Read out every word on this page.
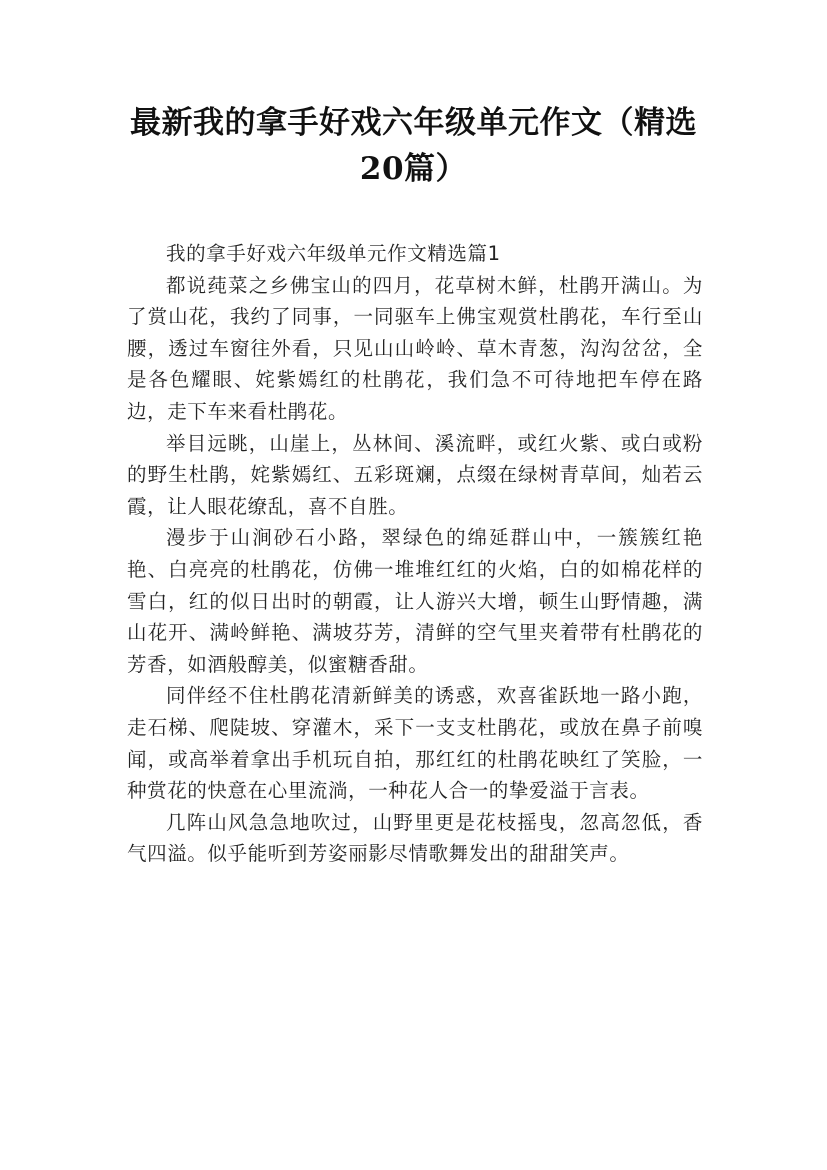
最新我的拿手好戏六年级单元作文（精选20篇）

我的拿手好戏六年级单元作文精选篇1

都说莼菜之乡佛宝山的四月，花草树木鲜，杜鹃开满山。为了赏山花，我约了同事，一同驱车上佛宝观赏杜鹃花，车行至山腰，透过车窗往外看，只见山山岭岭、草木青葱，沟沟岔岔，全是各色耀眼、姹紫嫣红的杜鹃花，我们急不可待地把车停在路边，走下车来看杜鹃花。

举目远眺，山崖上，丛林间、溪流畔，或红火紫、或白或粉的野生杜鹃，姹紫嫣红、五彩斑斓，点缀在绿树青草间，灿若云霞，让人眼花缭乱，喜不自胜。

漫步于山涧砂石小路，翠绿色的绵延群山中，一簇簇红艳艳、白亮亮的杜鹃花，仿佛一堆堆红红的火焰，白的如棉花样的雪白，红的似日出时的朝霞，让人游兴大增，顿生山野情趣，满山花开、满岭鲜艳、满坡芬芳，清鲜的空气里夹着带有杜鹃花的芳香，如酒般醇美，似蜜糖香甜。

同伴经不住杜鹃花清新鲜美的诱惑，欢喜雀跃地一路小跑，走石梯、爬陡坡、穿灌木，采下一支支杜鹃花，或放在鼻子前嗅闻，或高举着拿出手机玩自拍，那红红的杜鹃花映红了笑脸，一种赏花的快意在心里流淌，一种花人合一的挚爱溢于言表。

几阵山风急急地吹过，山野里更是花枝摇曳，忽高忽低，香气四溢。似乎能听到芳姿丽影尽情歌舞发出的甜甜笑声。
